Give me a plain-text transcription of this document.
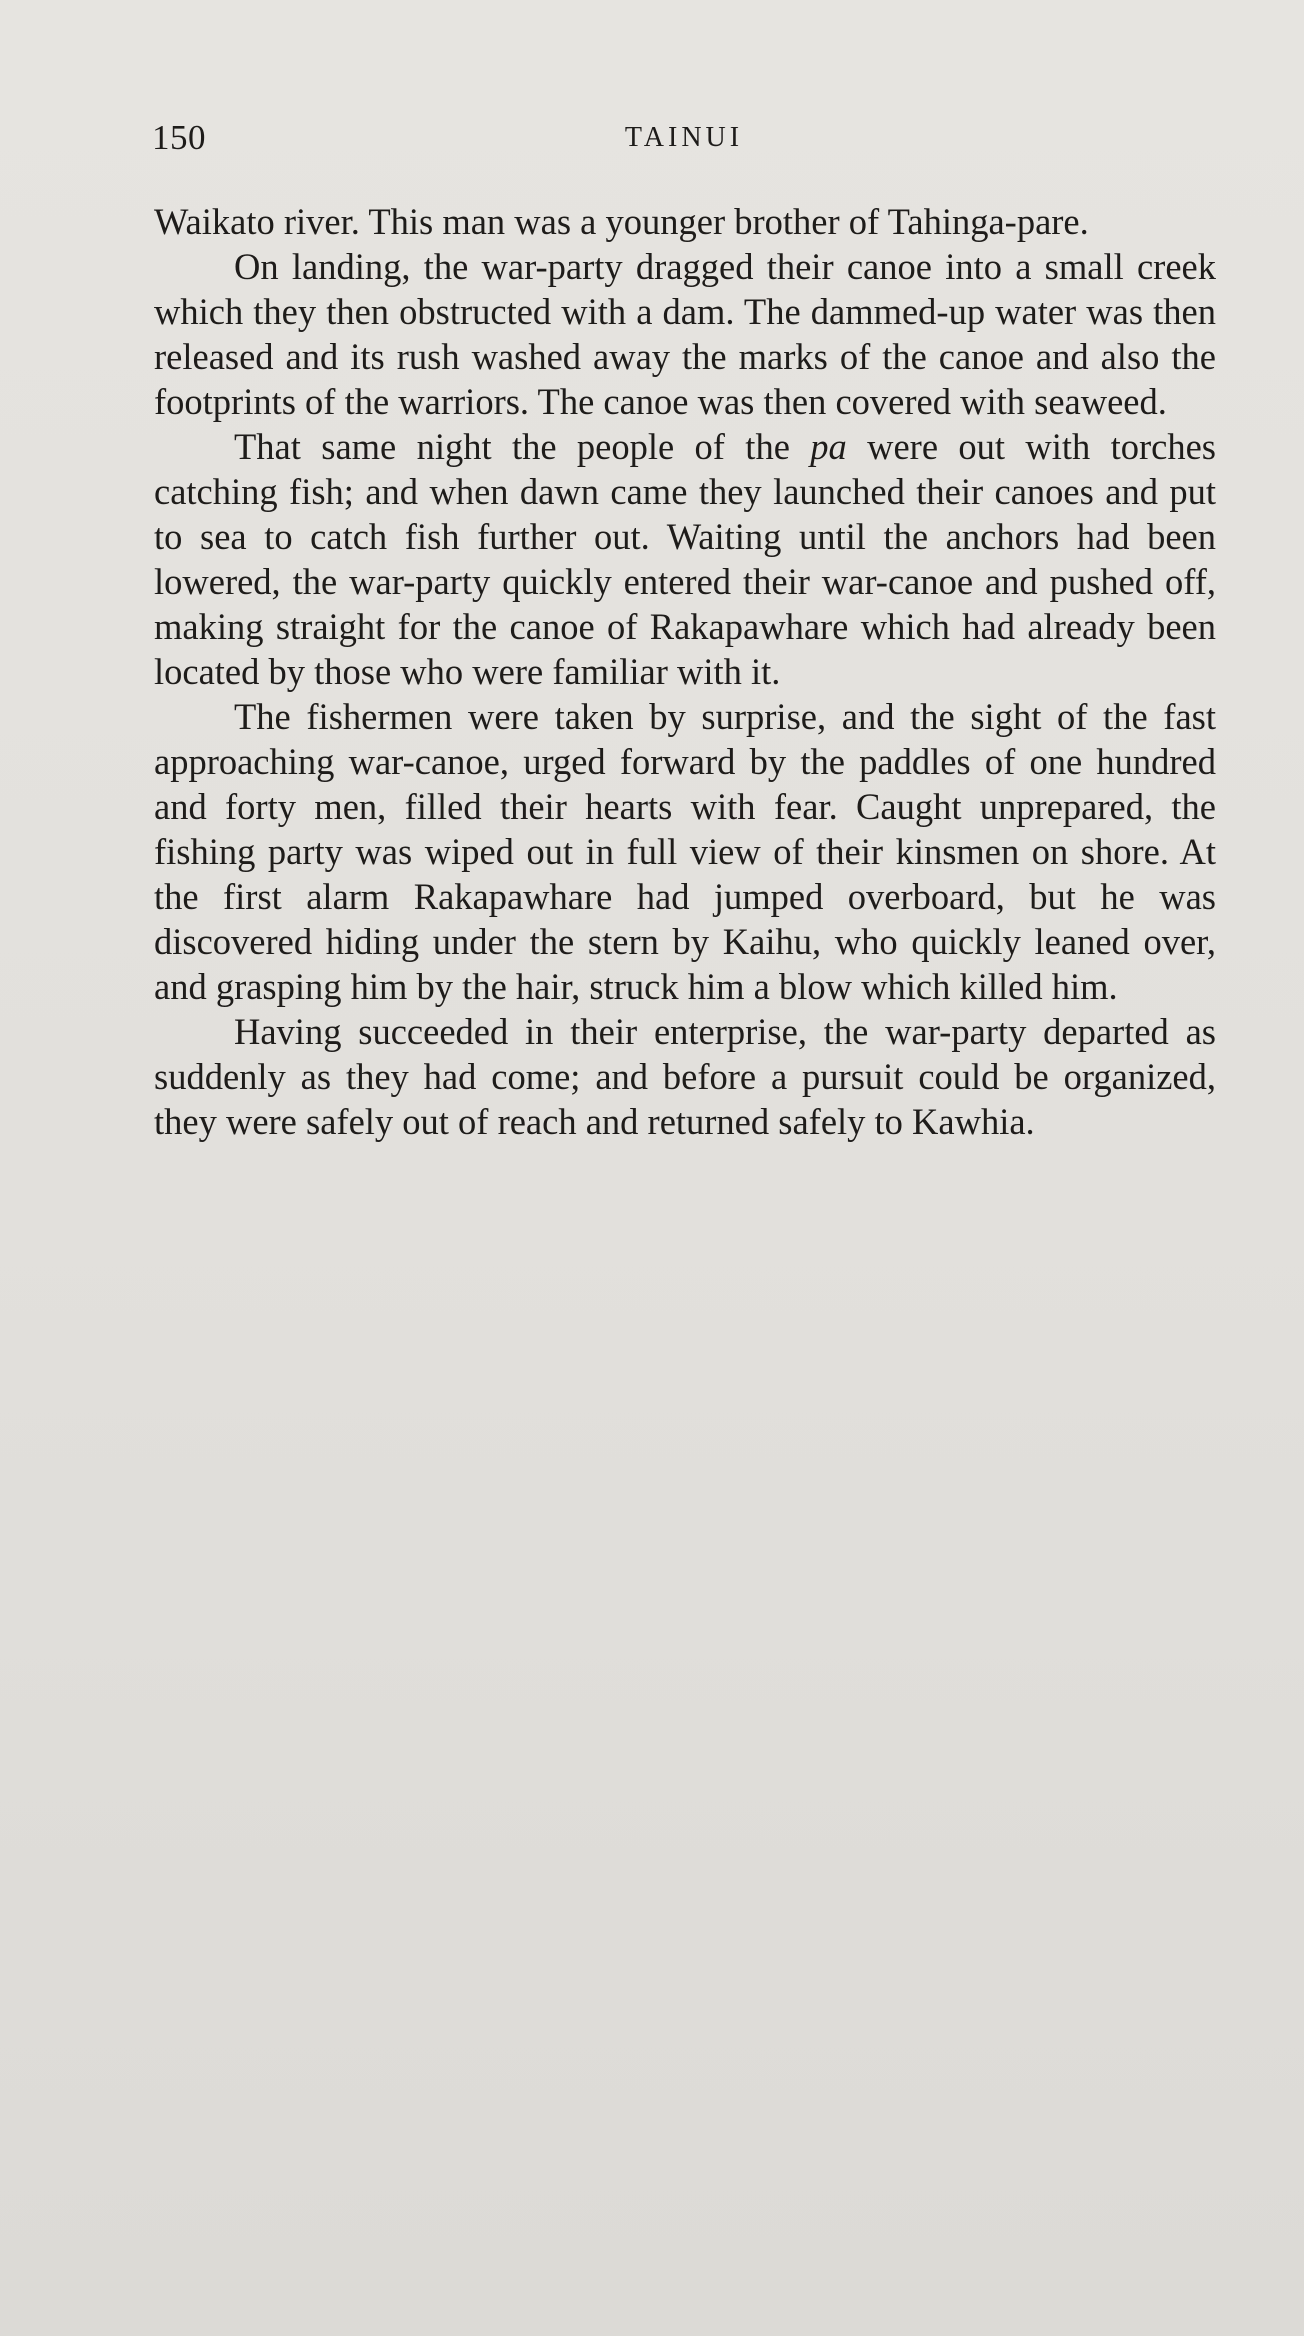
150	TAINUI

Waikato river. This man was a younger brother of Tahinga-pare.

On landing, the war-party dragged their canoe into a small creek which they then obstructed with a dam. The dammed-up water was then released and its rush washed away the marks of the canoe and also the footprints of the warriors. The canoe was then covered with seaweed.

That same night the people of the pa were out with torches catching fish; and when dawn came they launched their canoes and put to sea to catch fish further out. Waiting until the anchors had been lowered, the war-party quickly entered their war-canoe and pushed off, making straight for the canoe of Rakapawhare which had already been located by those who were familiar with it.

The fishermen were taken by surprise, and the sight of the fast approaching war-canoe, urged forward by the paddles of one hundred and forty men, filled their hearts with fear. Caught unprepared, the fishing party was wiped out in full view of their kinsmen on shore. At the first alarm Rakapawhare had jumped overboard, but he was discovered hiding under the stern by Kaihu, who quickly leaned over, and grasping him by the hair, struck him a blow which killed him.

Having succeeded in their enterprise, the war-party departed as suddenly as they had come; and before a pursuit could be organized, they were safely out of reach and returned safely to Kawhia.
